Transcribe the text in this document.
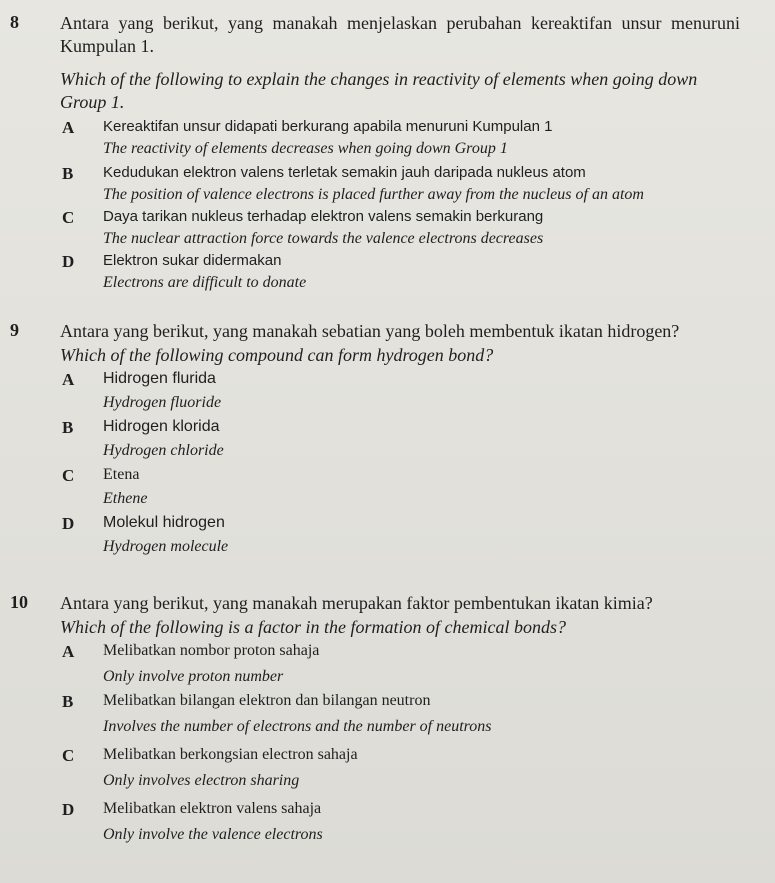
8 Antara yang berikut, yang manakah menjelaskan perubahan kereaktifan unsur menuruni Kumpulan 1.
Which of the following to explain the changes in reactivity of elements when going down Group 1.
A Kereaktifan unsur didapati berkurang apabila menuruni Kumpulan 1
The reactivity of elements decreases when going down Group 1
B Kedudukan elektron valens terletak semakin jauh daripada nukleus atom
The position of valence electrons is placed further away from the nucleus of an atom
C Daya tarikan nukleus terhadap elektron valens semakin berkurang
The nuclear attraction force towards the valence electrons decreases
D Elektron sukar didermakan
Electrons are difficult to donate
9 Antara yang berikut, yang manakah sebatian yang boleh membentuk ikatan hidrogen?
Which of the following compound can form hydrogen bond?
A Hidrogen flurida
Hydrogen fluoride
B Hidrogen klorida
Hydrogen chloride
C Etena
Ethene
D Molekul hidrogen
Hydrogen molecule
10 Antara yang berikut, yang manakah merupakan faktor pembentukan ikatan kimia?
Which of the following is a factor in the formation of chemical bonds?
A Melibatkan nombor proton sahaja
Only involve proton number
B Melibatkan bilangan elektron dan bilangan neutron
Involves the number of electrons and the number of neutrons
C Melibatkan berkongsian electron sahaja
Only involves electron sharing
D Melibatkan elektron valens sahaja
Only involve the valence electrons
